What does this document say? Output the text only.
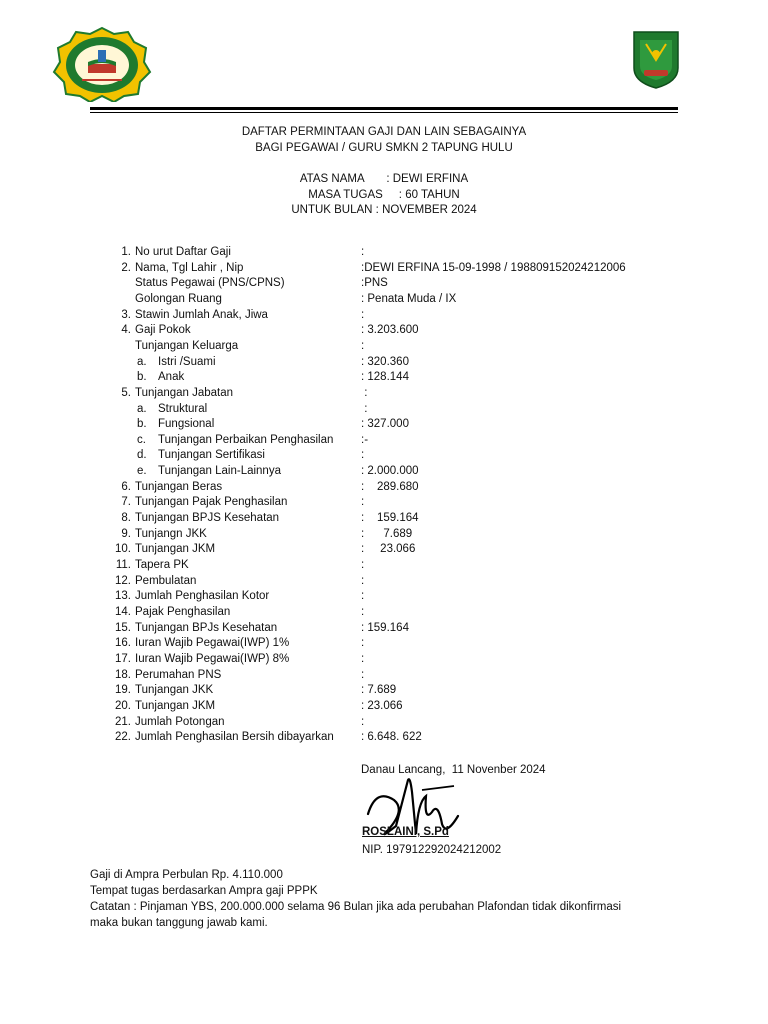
DAFTAR PERMINTAAN GAJI DAN LAIN SEBAGAINYA
BAGI PEGAWAI / GURU SMKN 2 TAPUNG HULU
ATAS NAMA       : DEWI ERFINA
MASA TUGAS     : 60 TAHUN
UNTUK BULAN : NOVEMBER 2024
1. No urut Daftar Gaji	:
2. Nama, Tgl Lahir , Nip	:DEWI ERFINA 15-09-1998 / 198809152024212006
Status Pegawai (PNS/CPNS)	:PNS
Golongan Ruang	: Penata Muda / IX
3. Stawin Jumlah Anak, Jiwa	:
4. Gaji Pokok	: 3.203.600
Tunjangan Keluarga	:
a. Istri /Suami	: 320.360
b. Anak	: 128.144
5. Tunjangan Jabatan	:
a. Struktural	:
b. Fungsional	: 327.000
c. Tunjangan Perbaikan Penghasilan :-
d. Tunjangan Sertifikasi	:
e. Tunjangan Lain-Lainnya	: 2.000.000
6. Tunjangan Beras	:    289.680
7. Tunjangan Pajak Penghasilan	:
8. Tunjangan BPJS Kesehatan	:    159.164
9. Tunjangn JKK	:      7.689
10. Tunjangan JKM	:     23.066
11. Tapera PK	:
12. Pembulatan	:
13. Jumlah Penghasilan Kotor	:
14. Pajak Penghasilan	:
15. Tunjangan BPJs Kesehatan	: 159.164
16. Iuran Wajib Pegawai(IWP) 1%	:
17. Iuran Wajib Pegawai(IWP) 8%	:
18. Perumahan PNS	:
19. Tunjangan JKK	: 7.689
20. Tunjangan JKM	: 23.066
21. Jumlah Potongan	:
22. Jumlah Penghasilan Bersih dibayarkan : 6.648. 622
Danau Lancang,  11 Novenber 2024
ROSLAINI, S.Pd
NIP. 197912292024212002
Gaji di Ampra Perbulan Rp. 4.110.000
Tempat tugas berdasarkan Ampra gaji PPPK
Catatan : Pinjaman YBS, 200.000.000 selama 96 Bulan jika ada perubahan Plafondan tidak dikonfirmasi
maka bukan tanggung jawab kami.
